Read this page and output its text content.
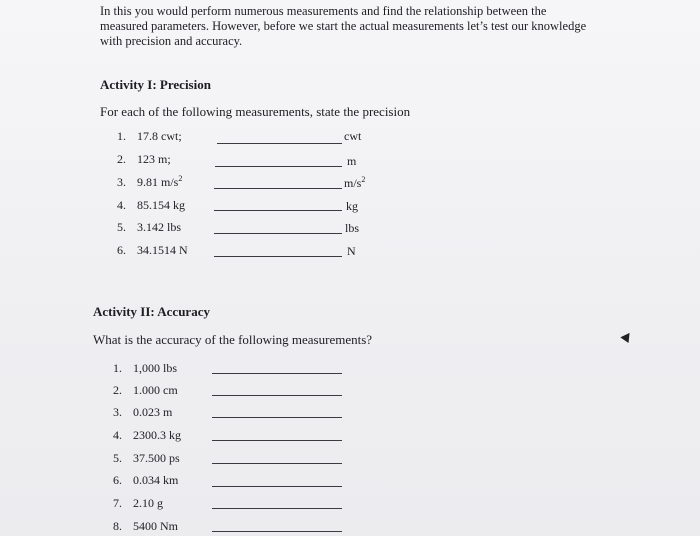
In this you would perform numerous measurements and find the relationship between the

measured parameters. However, before we start the actual measurements let’s test our knowledge

with precision and accuracy.

Activity I: Precision
For each of the following measurements, state the precision
1. 17.8 cwt;	cwt
2. 123 m;	m
3. 9.81 $m/s^2$	$m/s^2$
4. 85.154 kg	kg
5. 3.142 lbs	lbs
6. 34.1514 N	N
Activity II: Accuracy
What is the accuracy of the following measurements?
1. 1,000 lbs
2. 1.000 cm
3. 0.023 m
4. 2300.3 kg
5. 37.500 ps
6. 0.034 km
7. 2.10 g
8. 5400 Nm
